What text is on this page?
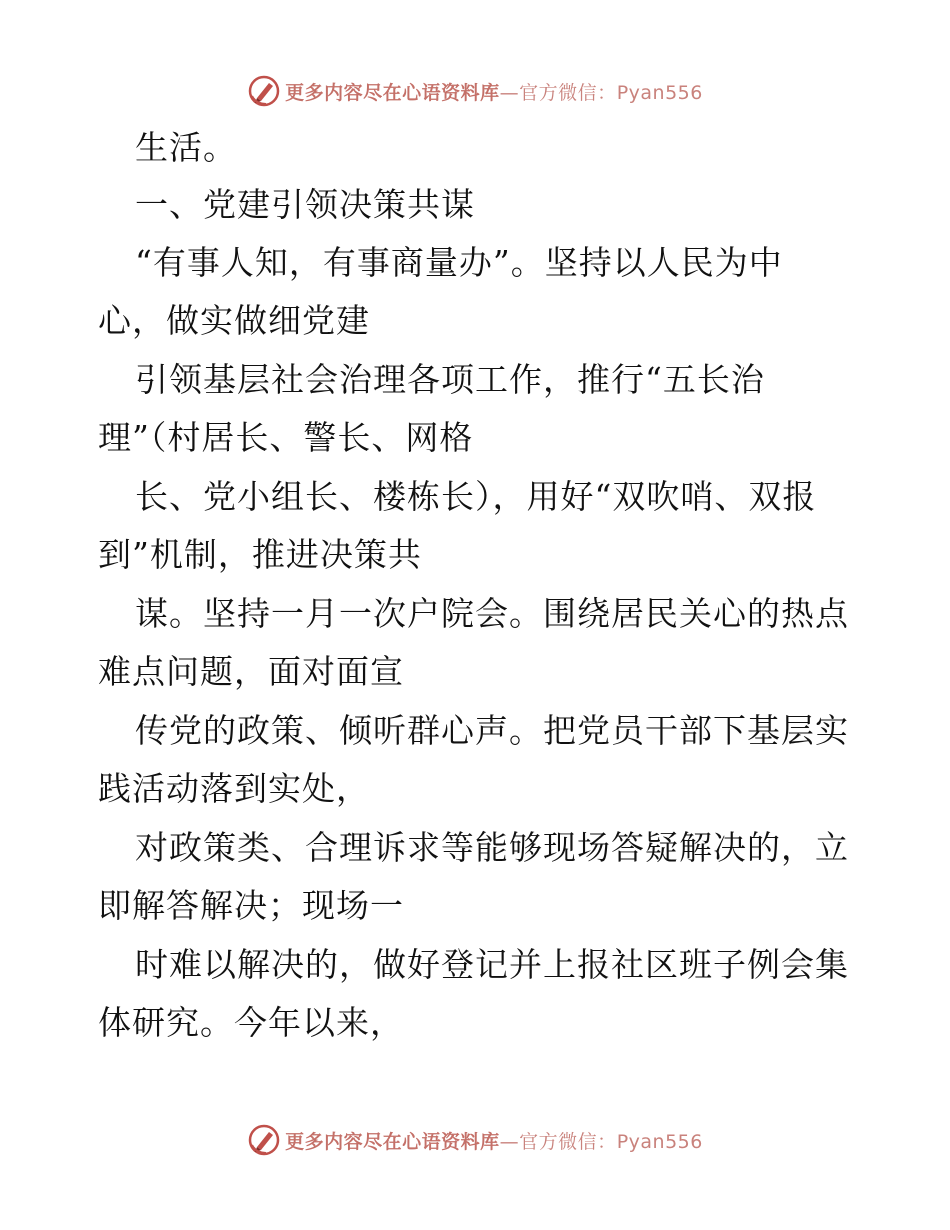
更多内容尽在心语资料库—官方微信：Pyan556
生活。
一、党建引领决策共谋
“有事人知，有事商量办”。坚持以人民为中
心，做实做细党建
引领基层社会治理各项工作，推行“五长治
理”（村居长、警长、网格
长、党小组长、楼栋长），用好“双吹哨、双报
到”机制，推进决策共
谋。坚持一月一次户院会。围绕居民关心的热点
难点问题，面对面宣
传党的政策、倾听群心声。把党员干部下基层实
践活动落到实处，
对政策类、合理诉求等能够现场答疑解决的，立
即解答解决；现场一
时难以解决的，做好登记并上报社区班子例会集
体研究。今年以来，
更多内容尽在心语资料库—官方微信：Pyan556
